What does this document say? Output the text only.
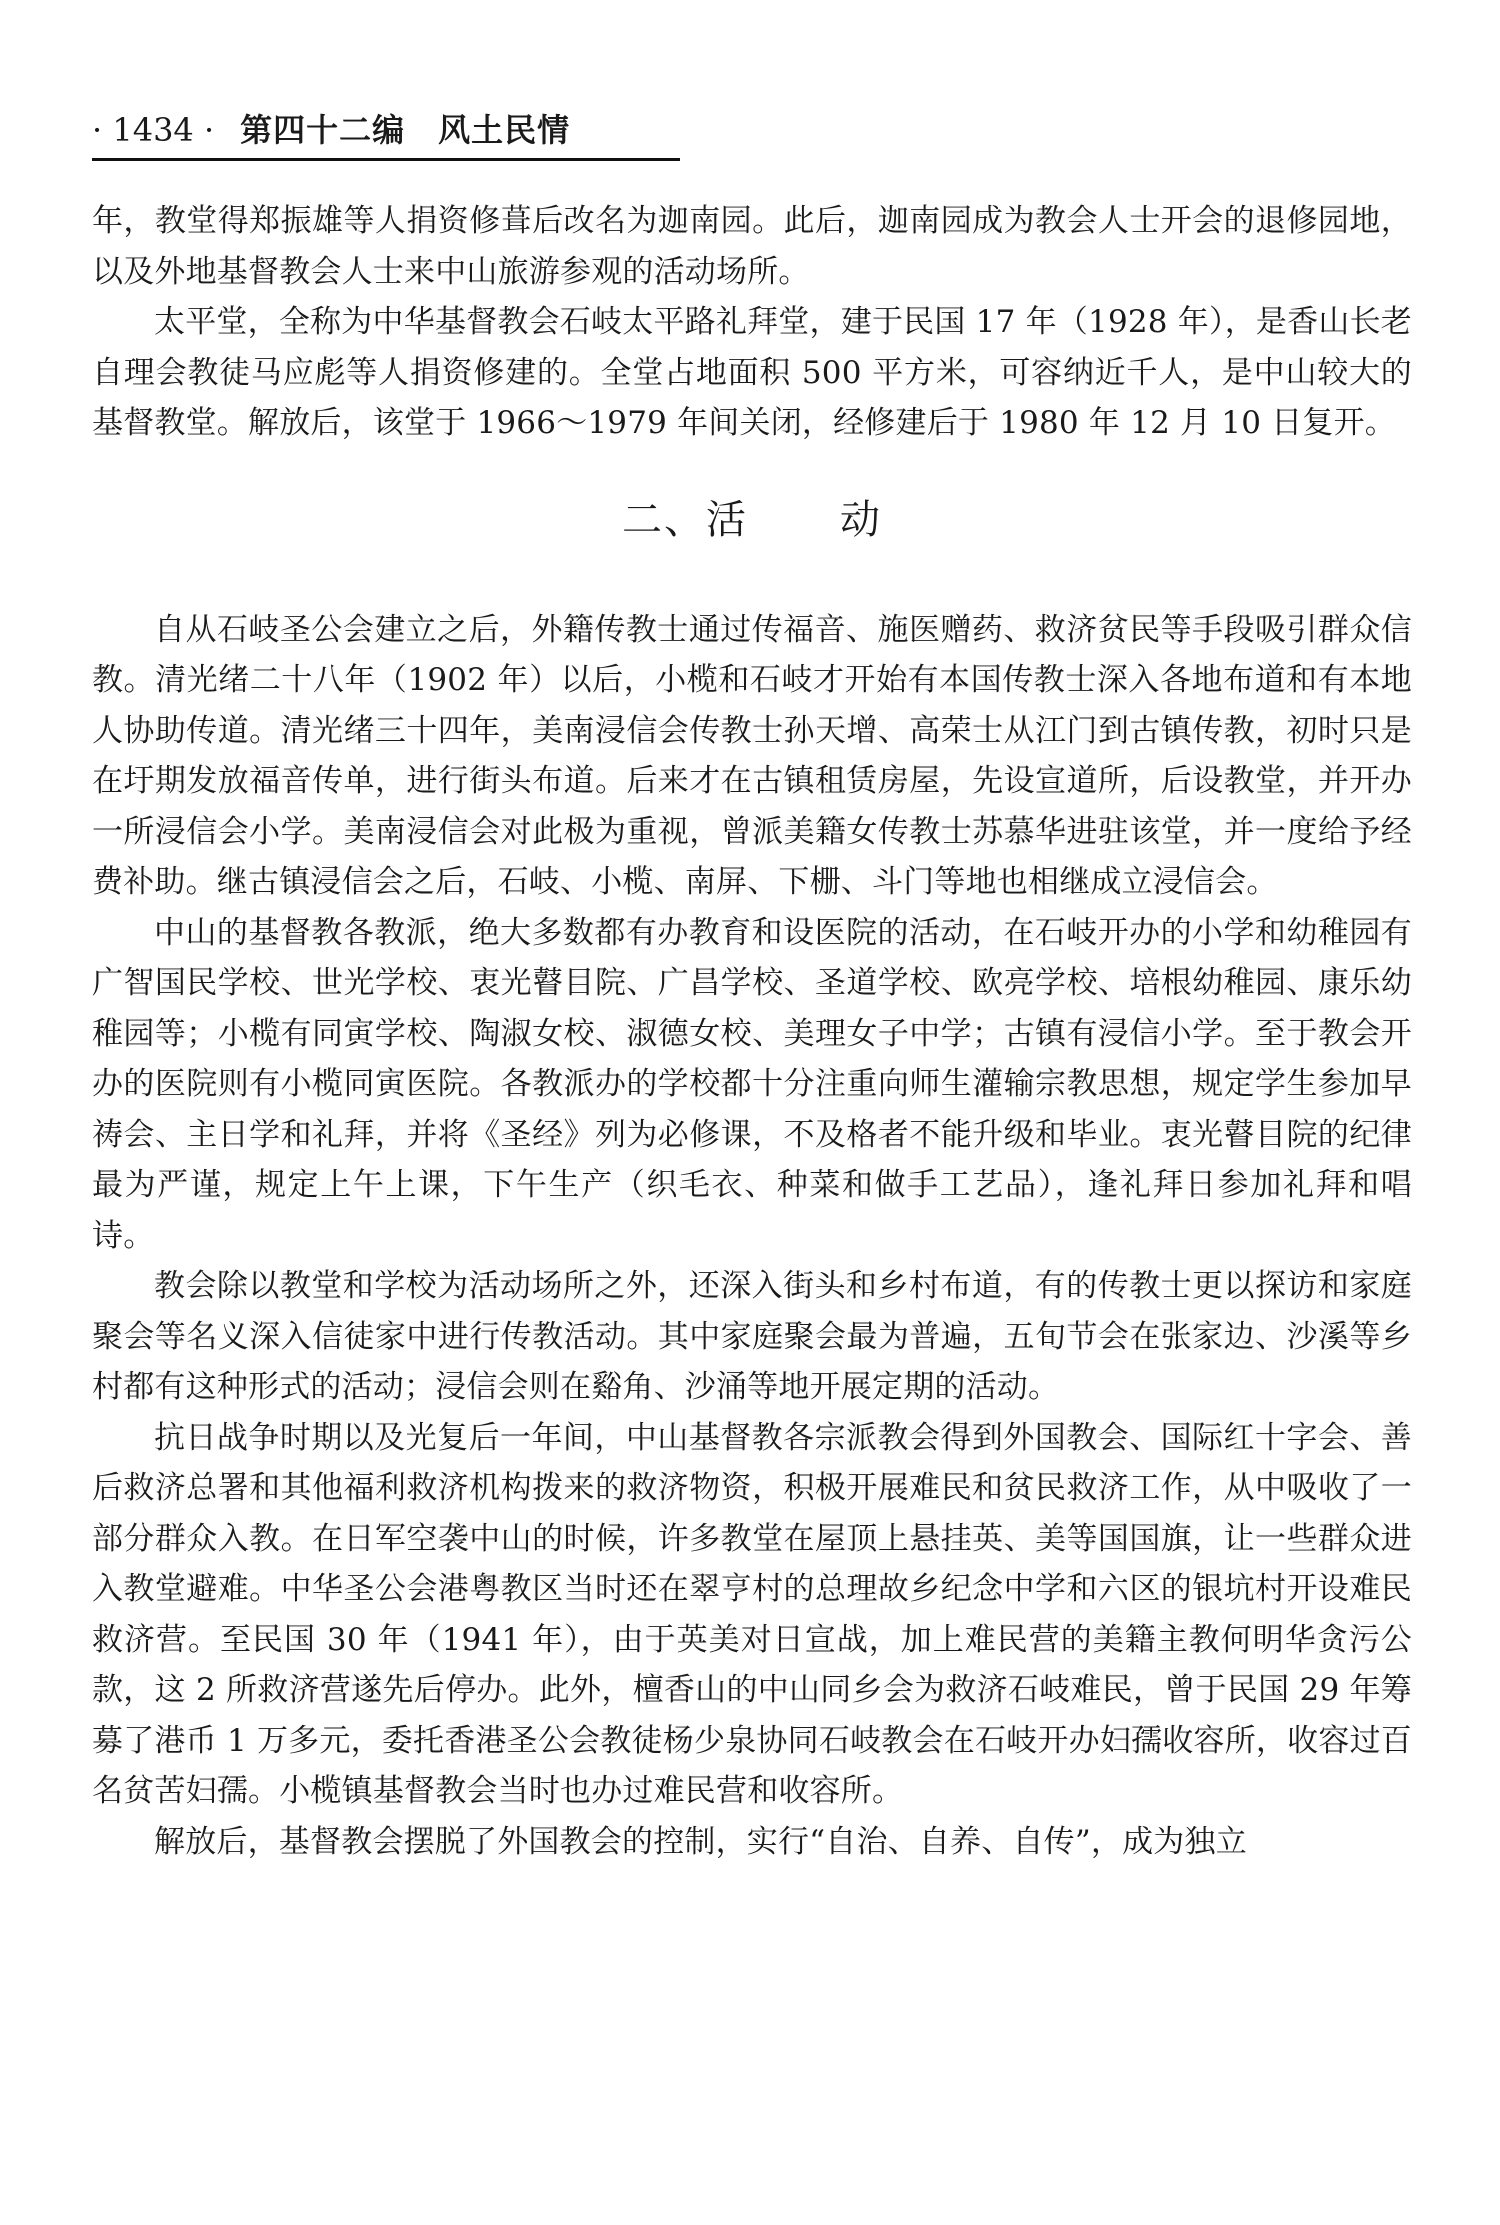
· 1434 · 第四十二编　风土民情

年，教堂得郑振雄等人捐资修葺后改名为迦南园。此后，迦南园成为教会人士开会的退修园地，以及外地基督教会人士来中山旅游参观的活动场所。

太平堂，全称为中华基督教会石岐太平路礼拜堂，建于民国 17 年（1928 年），是香山长老自理会教徒马应彪等人捐资修建的。全堂占地面积 500 平方米，可容纳近千人，是中山较大的基督教堂。解放后，该堂于 1966～1979 年间关闭，经修建后于 1980 年 12 月 10 日复开。

二、活 动

自从石岐圣公会建立之后，外籍传教士通过传福音、施医赠药、救济贫民等手段吸引群众信教。清光绪二十八年（1902 年）以后，小榄和石岐才开始有本国传教士深入各地布道和有本地人协助传道。清光绪三十四年，美南浸信会传教士孙天增、高荣士从江门到古镇传教，初时只是在圩期发放福音传单，进行街头布道。后来才在古镇租赁房屋，先设宣道所，后设教堂，并开办一所浸信会小学。美南浸信会对此极为重视，曾派美籍女传教士苏慕华进驻该堂，并一度给予经费补助。继古镇浸信会之后，石岐、小榄、南屏、下栅、斗门等地也相继成立浸信会。

中山的基督教各教派，绝大多数都有办教育和设医院的活动，在石岐开办的小学和幼稚园有广智国民学校、世光学校、衷光瞽目院、广昌学校、圣道学校、欧亮学校、培根幼稚园、康乐幼稚园等；小榄有同寅学校、陶淑女校、淑德女校、美理女子中学；古镇有浸信小学。至于教会开办的医院则有小榄同寅医院。各教派办的学校都十分注重向师生灌输宗教思想，规定学生参加早祷会、主日学和礼拜，并将《圣经》列为必修课，不及格者不能升级和毕业。衷光瞽目院的纪律最为严谨，规定上午上课，下午生产（织毛衣、种菜和做手工艺品），逢礼拜日参加礼拜和唱诗。

教会除以教堂和学校为活动场所之外，还深入街头和乡村布道，有的传教士更以探访和家庭聚会等名义深入信徒家中进行传教活动。其中家庭聚会最为普遍，五旬节会在张家边、沙溪等乡村都有这种形式的活动；浸信会则在谿角、沙涌等地开展定期的活动。

抗日战争时期以及光复后一年间，中山基督教各宗派教会得到外国教会、国际红十字会、善后救济总署和其他福利救济机构拨来的救济物资，积极开展难民和贫民救济工作，从中吸收了一部分群众入教。在日军空袭中山的时候，许多教堂在屋顶上悬挂英、美等国国旗，让一些群众进入教堂避难。中华圣公会港粤教区当时还在翠亨村的总理故乡纪念中学和六区的银坑村开设难民救济营。至民国 30 年（1941 年），由于英美对日宣战，加上难民营的美籍主教何明华贪污公款，这 2 所救济营遂先后停办。此外，檀香山的中山同乡会为救济石岐难民，曾于民国 29 年筹募了港币 1 万多元，委托香港圣公会教徒杨少泉协同石岐教会在石岐开办妇孺收容所，收容过百名贫苦妇孺。小榄镇基督教会当时也办过难民营和收容所。

解放后，基督教会摆脱了外国教会的控制，实行“自治、自养、自传”，成为独立
